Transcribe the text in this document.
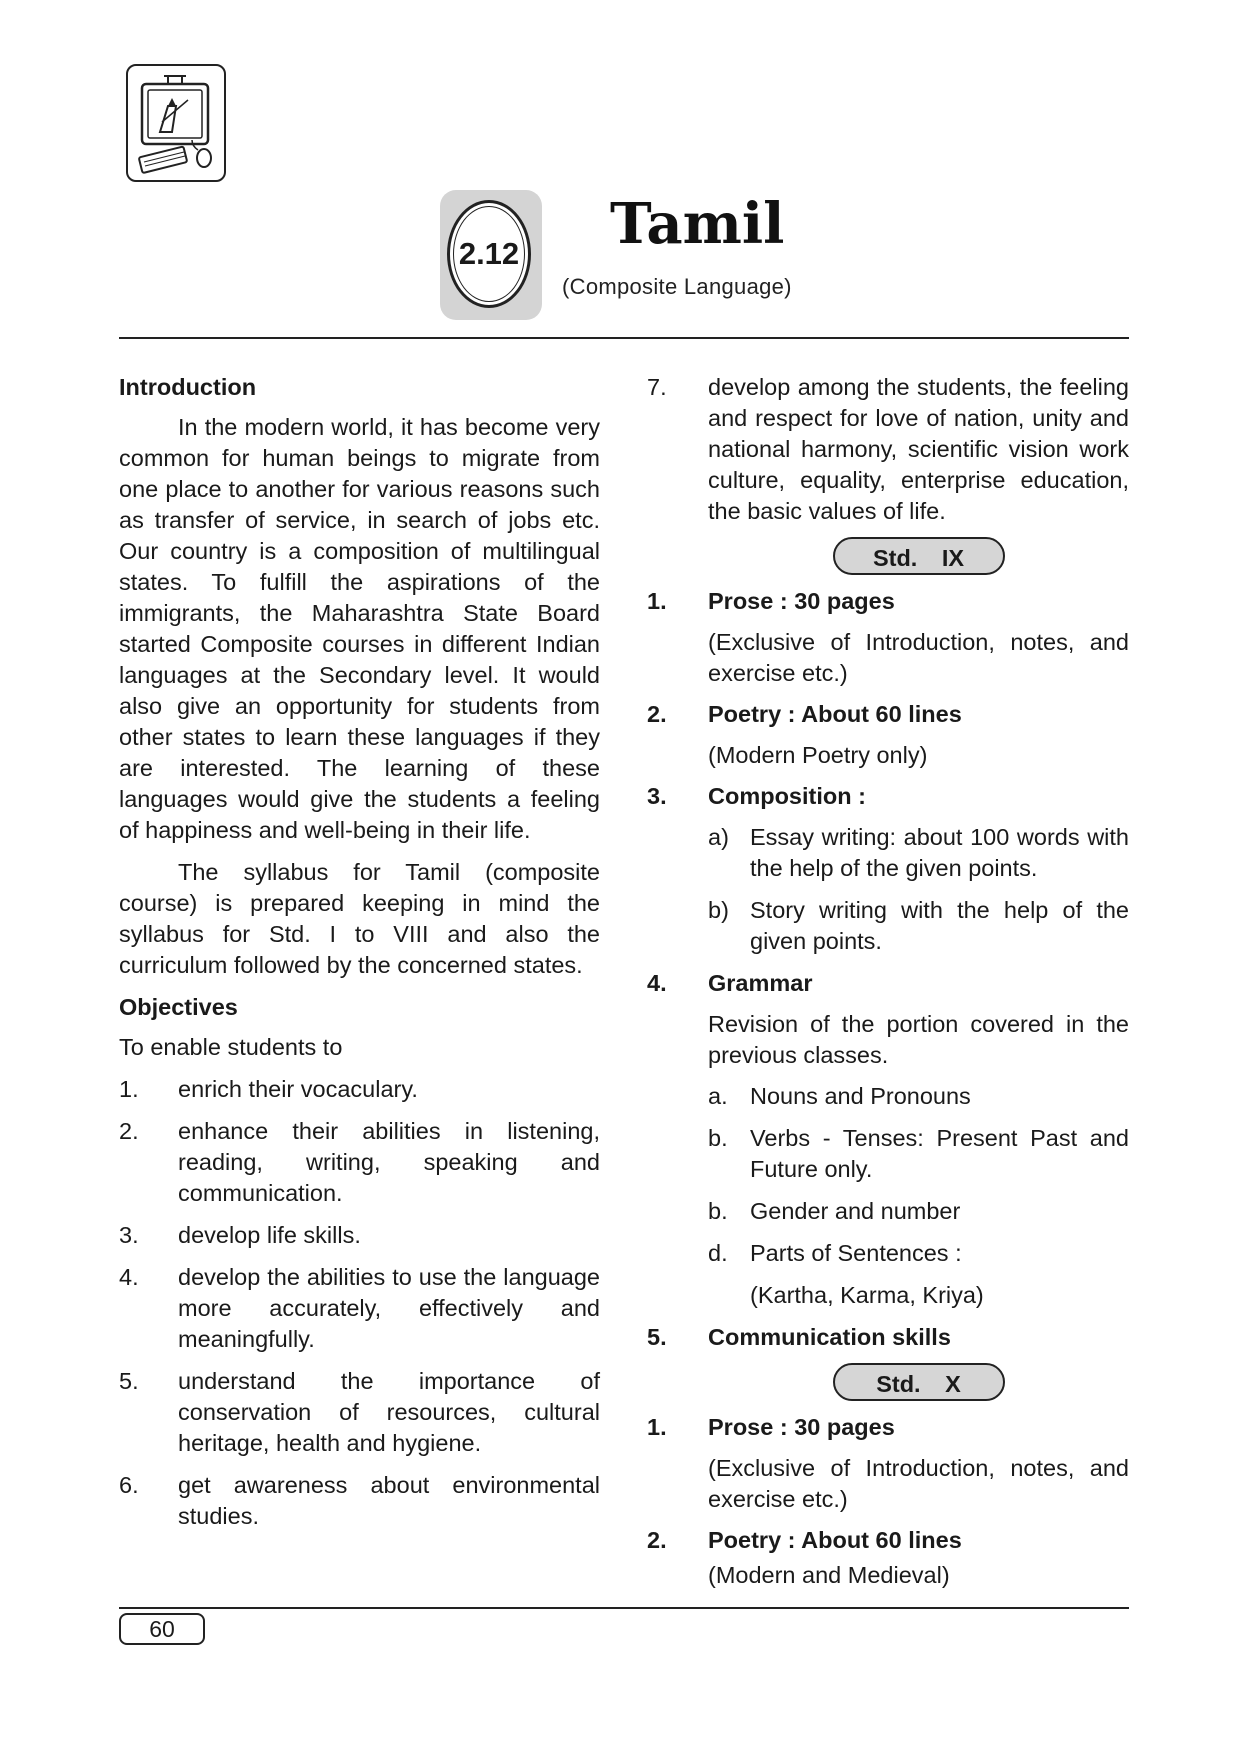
2.12 Tamil
(Composite Language)
Introduction

In the modern world, it has become very common for human beings to migrate from one place to another for various reasons such as transfer of service, in search of jobs etc. Our country is a composition of multilingual states. To fulfill the aspirations of the immigrants, the Maharashtra State Board started Composite courses in different Indian languages at the Secondary level. It would also give an opportunity for students from other states to learn these languages if they are interested. The learning of these languages would give the students a feeling of happiness and well-being in their life.

The syllabus for Tamil (composite course) is prepared keeping in mind the syllabus for Std. I to VIII and also the curriculum followed by the concerned states.

Objectives

To enable students to

1. enrich their vocaculary.
2. enhance their abilities in listening, reading, writing, speaking and communication.
3. develop life skills.
4. develop the abilities to use the language more accurately, effectively and meaningfully.
5. understand the importance of conservation of resources, cultural heritage, health and hygiene.
6. get awareness about environmental studies.
7. develop among the students, the feeling and respect for love of nation, unity and national harmony, scientific vision work culture, equality, enterprise education, the basic values of life.
Std. IX
1. Prose : 30 pages
(Exclusive of Introduction, notes, and exercise etc.)
2. Poetry : About 60 lines
(Modern Poetry only)
3. Composition :
a) Essay writing: about 100 words with the help of the given points.
b) Story writing with the help of the given points.
4. Grammar
Revision of the portion covered in the previous classes.
a. Nouns and Pronouns
b. Verbs - Tenses: Present Past and Future only.
b. Gender and number
d. Parts of Sentences :
(Kartha, Karma, Kriya)
5. Communication skills
Std. X
1. Prose : 30 pages
(Exclusive of Introduction, notes, and exercise etc.)
2. Poetry : About 60 lines
(Modern and Medieval)
60
